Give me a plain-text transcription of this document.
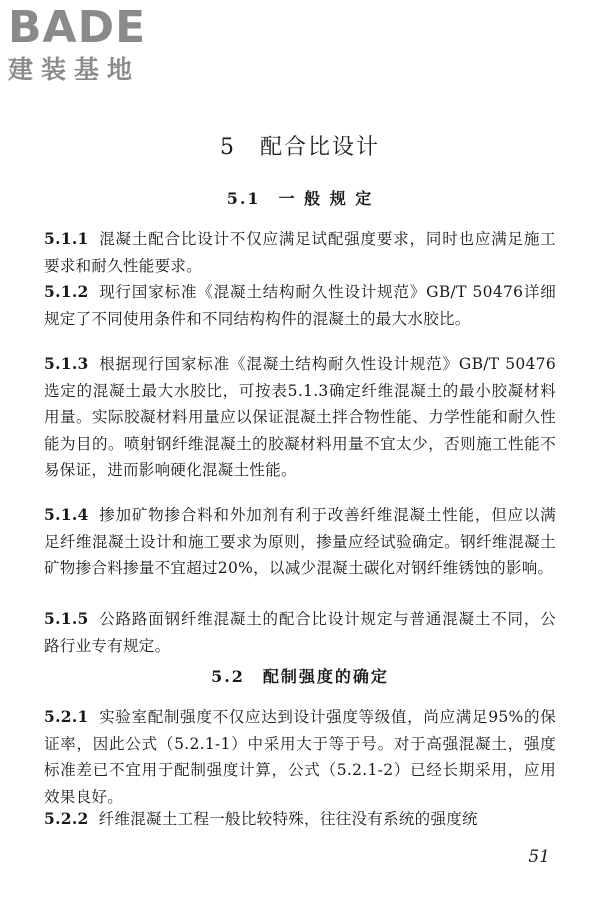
BADE
建装基地
5　配合比设计
5.1　一 般 规 定
5.1.1 混凝土配合比设计不仅应满足试配强度要求，同时也应满足施工要求和耐久性能要求。
5.1.2 现行国家标准《混凝土结构耐久性设计规范》GB/T 50476详细规定了不同使用条件和不同结构构件的混凝土的最大水胶比。
5.1.3 根据现行国家标准《混凝土结构耐久性设计规范》GB/T 50476选定的混凝土最大水胶比，可按表5.1.3确定纤维混凝土的最小胶凝材料用量。实际胶凝材料用量应以保证混凝土拌合物性能、力学性能和耐久性能为目的。喷射钢纤维混凝土的胶凝材料用量不宜太少，否则施工性能不易保证，进而影响硬化混凝土性能。
5.1.4 掺加矿物掺合料和外加剂有利于改善纤维混凝土性能，但应以满足纤维混凝土设计和施工要求为原则，掺量应经试验确定。钢纤维混凝土矿物掺合料掺量不宜超过20%，以减少混凝土碳化对钢纤维锈蚀的影响。
5.1.5 公路路面钢纤维混凝土的配合比设计规定与普通混凝土不同，公路行业专有规定。
5.2　配制强度的确定
5.2.1 实验室配制强度不仅应达到设计强度等级值，尚应满足95%的保证率，因此公式（5.2.1-1）中采用大于等于号。对于高强混凝土，强度标准差已不宜用于配制强度计算，公式（5.2.1-2）已经长期采用，应用效果良好。
5.2.2 纤维混凝土工程一般比较特殊，往往没有系统的强度统
51
